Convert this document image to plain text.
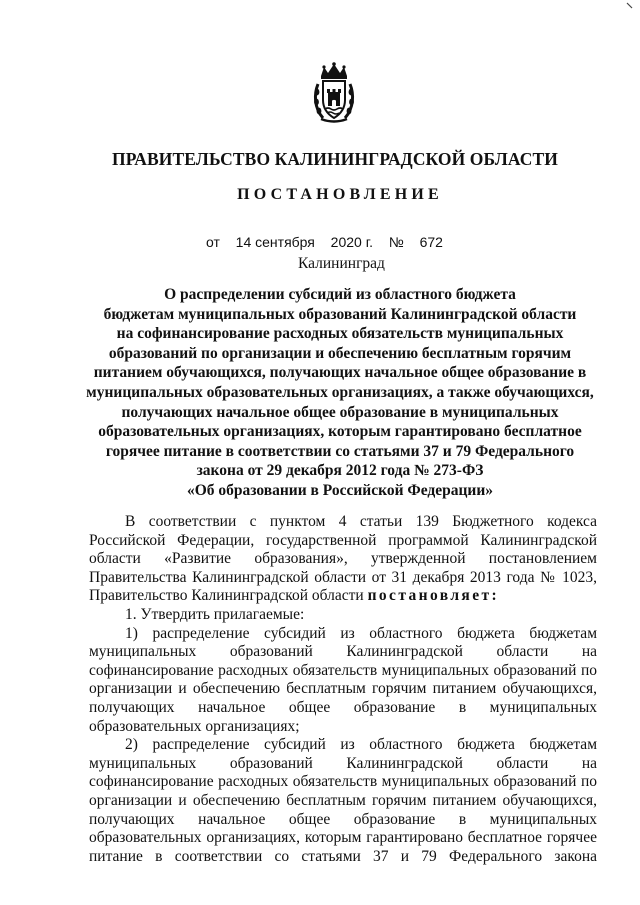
ПРАВИТЕЛЬСТВО КАЛИНИНГРАДСКОЙ ОБЛАСТИ
ПОСТАНОВЛЕНИЕ
от 14 сентября 2020 г. № 672
Калининград
О распределении субсидий из областного бюджета
бюджетам муниципальных образований Калининградской области
на софинансирование расходных обязательств муниципальных
образований по организации и обеспечению бесплатным горячим
питанием обучающихся, получающих начальное общее образование в
муниципальных образовательных организациях, а также обучающихся,
получающих начальное общее образование в муниципальных
образовательных организациях, которым гарантировано бесплатное
горячее питание в соответствии со статьями 37 и 79 Федерального
закона от 29 декабря 2012 года № 273-ФЗ
«Об образовании в Российской Федерации»
В соответствии с пунктом 4 статьи 139 Бюджетного кодекса
Российской Федерации, государственной программой Калининградской
области «Развитие образования», утвержденной постановлением
Правительства Калининградской области от 31 декабря 2013 года № 1023,
Правительство Калининградской области постановляет:
1. Утвердить прилагаемые:
1) распределение субсидий из областного бюджета бюджетам
муниципальных образований Калининградской области на
софинансирование расходных обязательств муниципальных образований по
организации и обеспечению бесплатным горячим питанием обучающихся,
получающих начальное общее образование в муниципальных
образовательных организациях;
2) распределение субсидий из областного бюджета бюджетам
муниципальных образований Калининградской области на
софинансирование расходных обязательств муниципальных образований по
организации и обеспечению бесплатным горячим питанием обучающихся,
получающих начальное общее образование в муниципальных
образовательных организациях, которым гарантировано бесплатное горячее
питание в соответствии со статьями 37 и 79 Федерального закона
